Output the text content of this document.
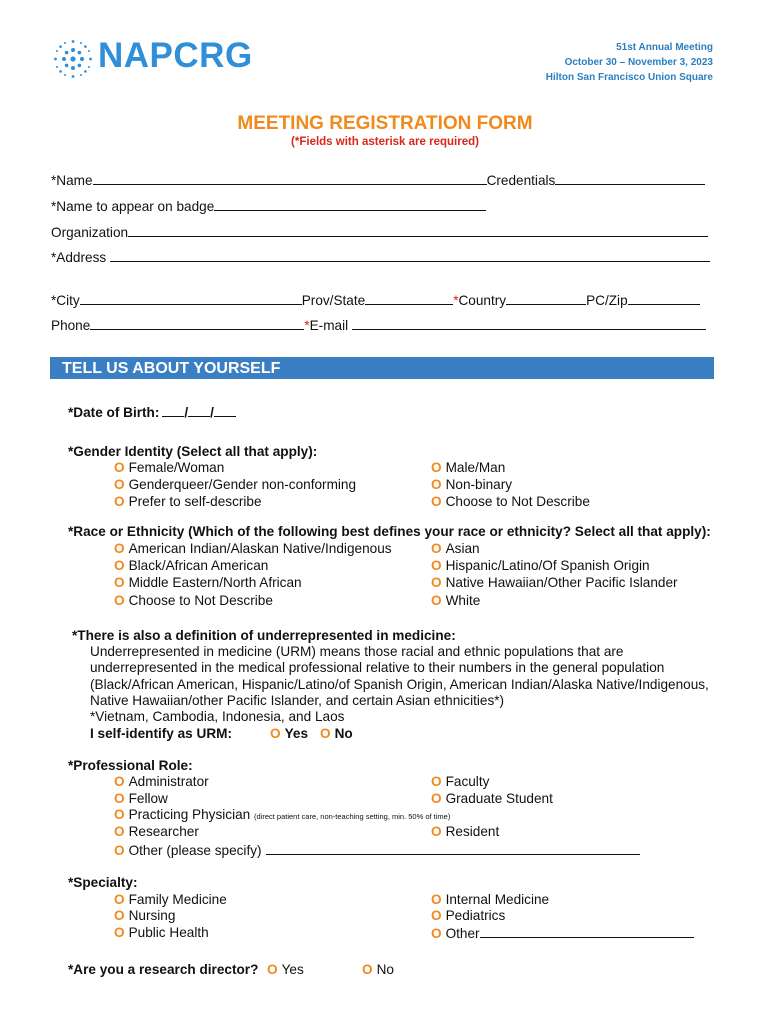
NAPCRG	51st Annual Meeting
October 30 – November 3, 2023
Hilton San Francisco Union Square
MEETING REGISTRATION FORM
(*Fields with asterisk are required)
*Name	Credentials
*Name to appear on badge
Organization
*Address
*City	Prov/State	*Country	PC/Zip
Phone	*E-mail
TELL US ABOUT YOURSELF
*Date of Birth: / /
*Gender Identity (Select all that apply):
O Female/Woman
O Genderqueer/Gender non-conforming
O Prefer to self-describe
O Male/Man
O Non-binary
O Choose to Not Describe
*Race or Ethnicity (Which of the following best defines your race or ethnicity? Select all that apply):
O American Indian/Alaskan Native/Indigenous
O Black/African American
O Middle Eastern/North African
O Choose to Not Describe
O Asian
O Hispanic/Latino/Of Spanish Origin
O Native Hawaiian/Other Pacific Islander
O White
*There is also a definition of underrepresented in medicine:
Underrepresented in medicine (URM) means those racial and ethnic populations that are
underrepresented in the medical professional relative to their numbers in the general population
(Black/African American, Hispanic/Latino/of Spanish Origin, American Indian/Alaska Native/Indigenous,
Native Hawaiian/other Pacific Islander, and certain Asian ethnicities*)
*Vietnam, Cambodia, Indonesia, and Laos
I self-identify as URM:	O Yes O No
*Professional Role:
O Administrator	O Faculty
O Fellow	O Graduate Student
O Practicing Physician (direct patient care, non-teaching setting, min. 50% of time)
O Researcher	O Resident
O Other (please specify)
*Specialty:
O Family Medicine
O Nursing
O Public Health
O Internal Medicine
O Pediatrics
O Other
*Are you a research director? O Yes	O No
